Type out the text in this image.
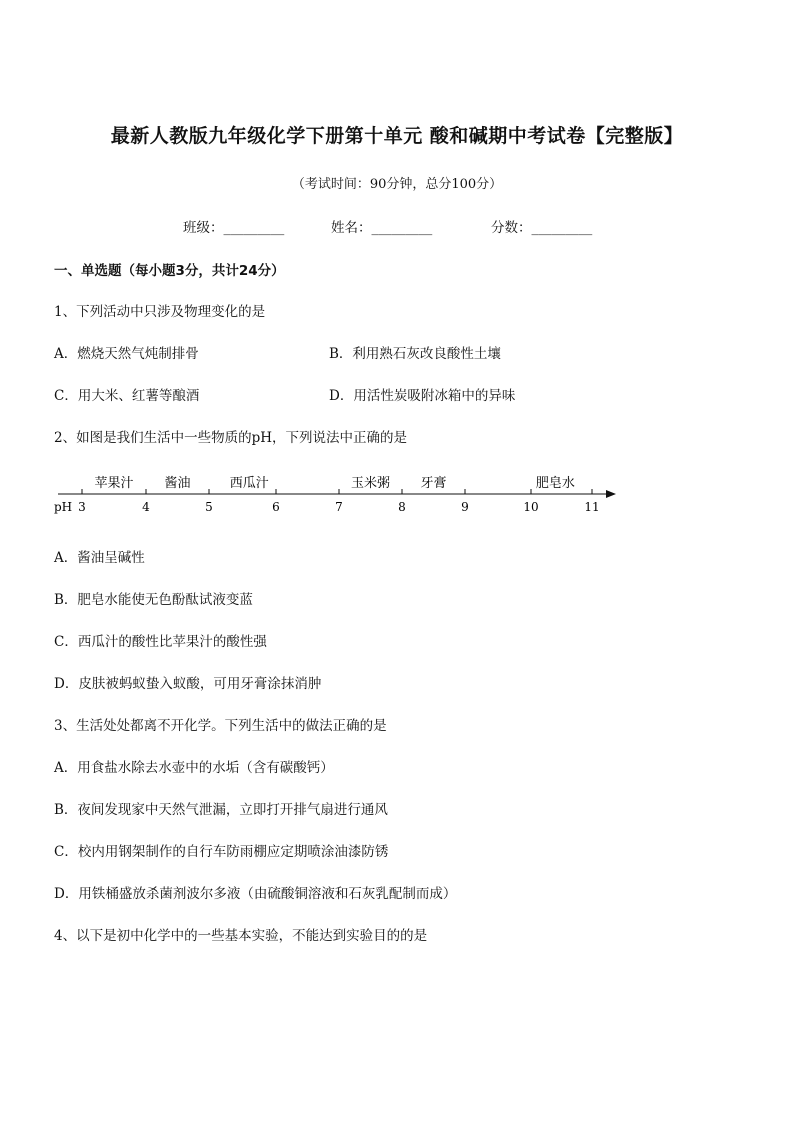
最新人教版九年级化学下册第十单元 酸和碱期中考试卷【完整版】
（考试时间：90分钟，总分100分）
班级：_________	姓名：_________	分数：_________
一、单选题（每小题3分，共计24分）
1、下列活动中只涉及物理变化的是
A．燃烧天然气炖制排骨	B．利用熟石灰改良酸性土壤
C．用大米、红薯等酿酒	D．用活性炭吸附冰箱中的异味
2、如图是我们生活中一些物质的pH，下列说法中正确的是
pH 3	4	5	6	7	8	9	10	11
苹果汁 酱油	西瓜汁	玉米粥 牙膏	肥皂水
A．酱油呈碱性
B．肥皂水能使无色酚酞试液变蓝
C．西瓜汁的酸性比苹果汁的酸性强
D．皮肤被蚂蚁蛰入蚁酸，可用牙膏涂抹消肿
3、生活处处都离不开化学。下列生活中的做法正确的是
A．用食盐水除去水壶中的水垢（含有碳酸钙）
B．夜间发现家中天然气泄漏，立即打开排气扇进行通风
C．校内用钢架制作的自行车防雨棚应定期喷涂油漆防锈
D．用铁桶盛放杀菌剂波尔多液（由硫酸铜溶液和石灰乳配制而成）
4、以下是初中化学中的一些基本实验，不能达到实验目的的是
